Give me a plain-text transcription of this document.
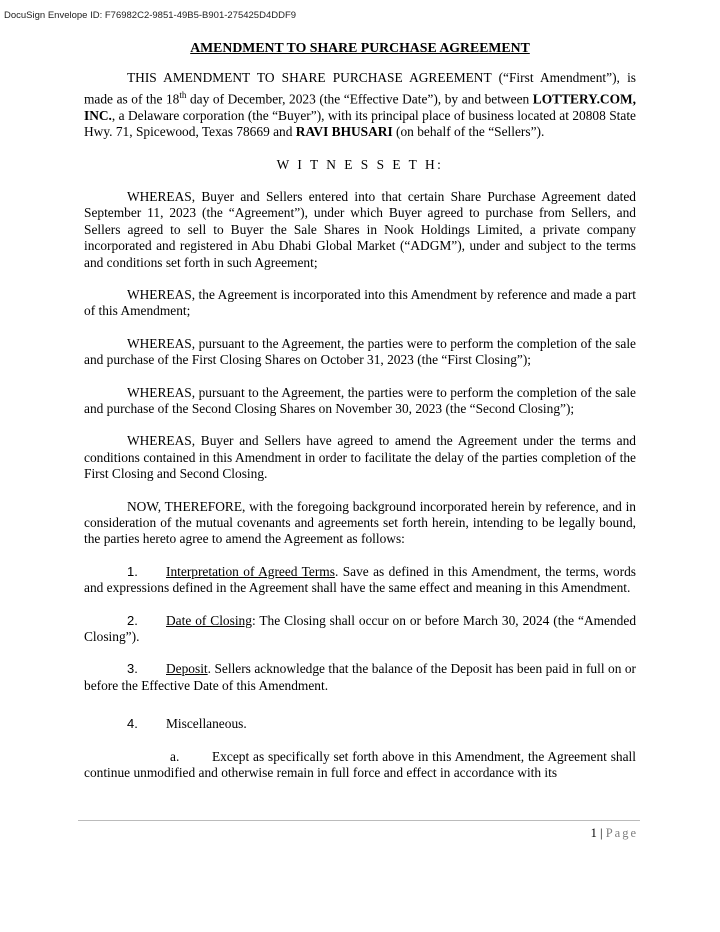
DocuSign Envelope ID: F76982C2-9851-49B5-B901-275425D4DDF9
AMENDMENT TO SHARE PURCHASE AGREEMENT

THIS AMENDMENT TO SHARE PURCHASE AGREEMENT (“First Amendment”), is made as of the 18th day of December, 2023 (the “Effective Date”), by and between LOTTERY.COM, INC., a Delaware corporation (the “Buyer”), with its principal place of business located at 20808 State Hwy. 71, Spicewood, Texas 78669 and RAVI BHUSARI (on behalf of the “Sellers”).

W I T N E S S E T H:

WHEREAS, Buyer and Sellers entered into that certain Share Purchase Agreement dated September 11, 2023 (the “Agreement”), under which Buyer agreed to purchase from Sellers, and Sellers agreed to sell to Buyer the Sale Shares in Nook Holdings Limited, a private company incorporated and registered in Abu Dhabi Global Market (“ADGM”), under and subject to the terms and conditions set forth in such Agreement;

WHEREAS, the Agreement is incorporated into this Amendment by reference and made a part of this Amendment;

WHEREAS, pursuant to the Agreement, the parties were to perform the completion of the sale and purchase of the First Closing Shares on October 31, 2023 (the “First Closing”);

WHEREAS, pursuant to the Agreement, the parties were to perform the completion of the sale and purchase of the Second Closing Shares on November 30, 2023 (the “Second Closing”);

WHEREAS, Buyer and Sellers have agreed to amend the Agreement under the terms and conditions contained in this Amendment in order to facilitate the delay of the parties completion of the First Closing and Second Closing.

NOW, THEREFORE, with the foregoing background incorporated herein by reference, and in consideration of the mutual covenants and agreements set forth herein, intending to be legally bound, the parties hereto agree to amend the Agreement as follows:

1. Interpretation of Agreed Terms. Save as defined in this Amendment, the terms, words and expressions defined in the Agreement shall have the same effect and meaning in this Amendment.

2. Date of Closing: The Closing shall occur on or before March 30, 2024 (the “Amended Closing”).

3. Deposit. Sellers acknowledge that the balance of the Deposit has been paid in full on or before the Effective Date of this Amendment.

4. Miscellaneous.

a. Except as specifically set forth above in this Amendment, the Agreement shall continue unmodified and otherwise remain in full force and effect in accordance with its

1 | Page
